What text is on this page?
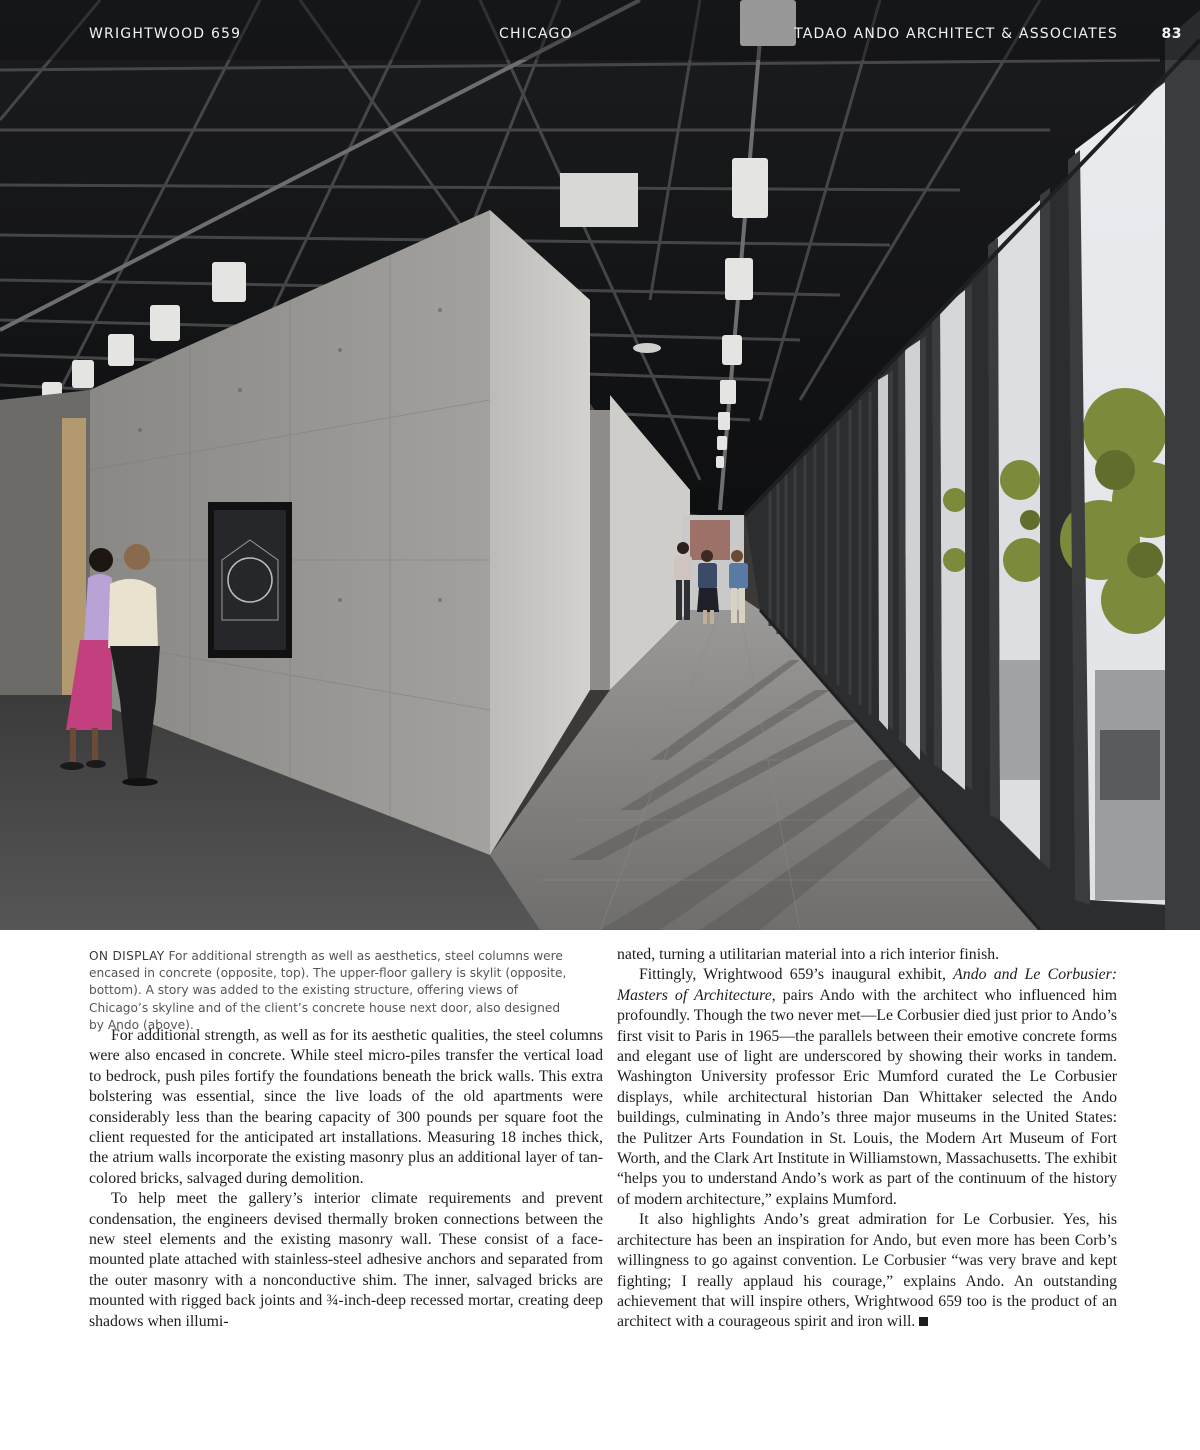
WRIGHTWOOD 659	CHICAGO	TADAO ANDO ARCHITECT & ASSOCIATES	83
ON DISPLAY For additional strength as well as aesthetics, steel columns were encased in concrete (opposite, top). The upper-floor gallery is skylit (opposite, bottom). A story was added to the existing structure, offering views of Chicago’s skyline and of the client’s concrete house next door, also designed by Ando (above).

For additional strength, as well as for its aesthetic qualities, the steel columns were also encased in concrete. While steel micro-piles transfer the vertical load to bedrock, push piles fortify the foundations beneath the brick walls. This extra bolstering was essential, since the live loads of the old apartments were considerably less than the bearing capacity of 300 pounds per square foot the client requested for the anticipated art installations. Measuring 18 inches thick, the atrium walls incorporate the existing masonry plus an additional layer of tan-colored bricks, salvaged during demolition.

To help meet the gallery’s interior climate requirements and prevent condensation, the engineers devised thermally broken connections between the new steel elements and the existing masonry wall. These consist of a face-mounted plate attached with stainless-steel adhesive anchors and separated from the outer masonry with a nonconductive shim. The inner, salvaged bricks are mounted with rigged back joints and ¾-inch-deep recessed mortar, creating deep shadows when illumi-

nated, turning a utilitarian material into a rich interior finish.

Fittingly, Wrightwood 659’s inaugural exhibit, Ando and Le Corbusier: Masters of Architecture, pairs Ando with the architect who influenced him profoundly. Though the two never met—Le Corbusier died just prior to Ando’s first visit to Paris in 1965—the parallels between their emotive concrete forms and elegant use of light are underscored by showing their works in tandem. Washington University professor Eric Mumford curated the Le Corbusier displays, while architectural historian Dan Whittaker selected the Ando buildings, culminating in Ando’s three major museums in the United States: the Pulitzer Arts Foundation in St. Louis, the Modern Art Museum of Fort Worth, and the Clark Art Institute in Williamstown, Massachusetts. The exhibit “helps you to understand Ando’s work as part of the continuum of the history of modern architecture,” explains Mumford.

It also highlights Ando’s great admiration for Le Corbusier. Yes, his architecture has been an inspiration for Ando, but even more has been Corb’s willingness to go against convention. Le Corbusier “was very brave and kept fighting; I really applaud his courage,” explains Ando. An outstanding achievement that will inspire others, Wrightwood 659 too is the product of an architect with a courageous spirit and iron will.
